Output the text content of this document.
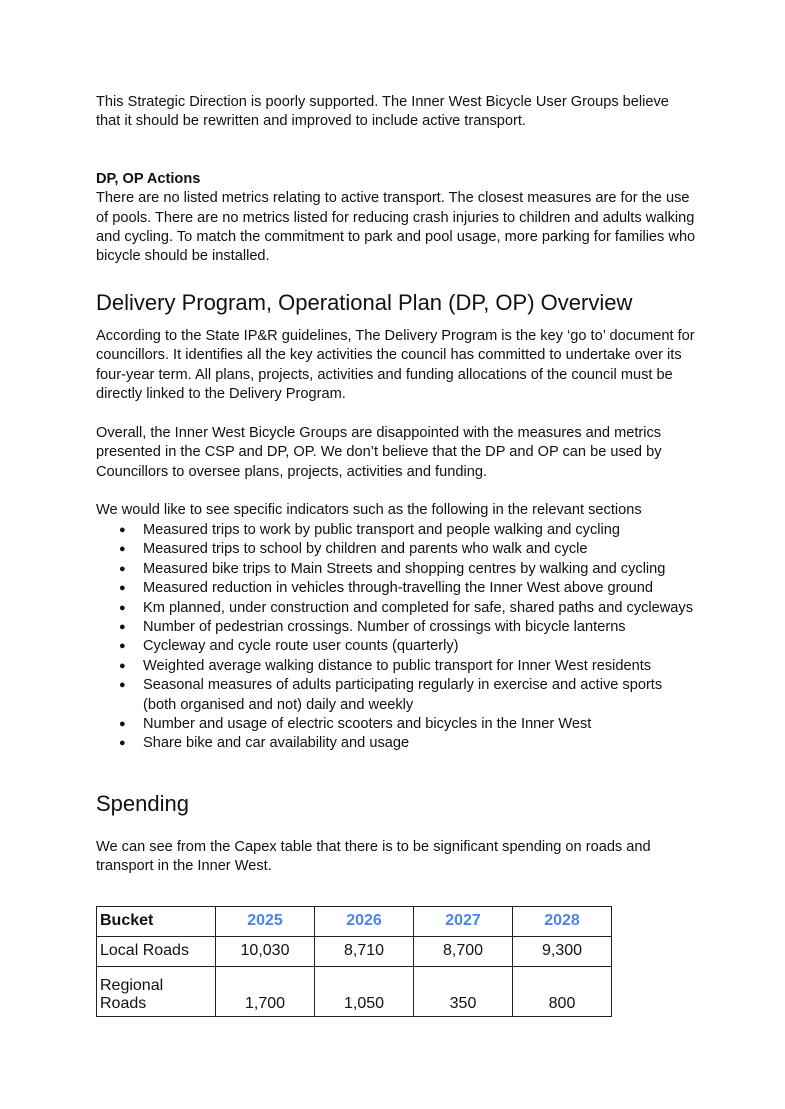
This Strategic Direction is poorly supported. The Inner West Bicycle User Groups believe that it should be rewritten and improved to include active transport.

DP, OP Actions

There are no listed metrics relating to active transport. The closest measures are for the use of pools. There are no metrics listed for reducing crash injuries to children and adults walking and cycling. To match the commitment to park and pool usage, more parking for families who bicycle should be installed.

Delivery Program, Operational Plan (DP, OP) Overview

According to the State IP&R guidelines, The Delivery Program is the key ‘go to’ document for councillors. It identifies all the key activities the council has committed to undertake over its four-year term. All plans, projects, activities and funding allocations of the council must be directly linked to the Delivery Program.

Overall, the Inner West Bicycle Groups are disappointed with the measures and metrics presented in the CSP and DP, OP. We don’t believe that the DP and OP can be used by Councillors to oversee plans, projects, activities and funding.

We would like to see specific indicators such as the following in the relevant sections

● Measured trips to work by public transport and people walking and cycling
● Measured trips to school by children and parents who walk and cycle
● Measured bike trips to Main Streets and shopping centres by walking and cycling
● Measured reduction in vehicles through-travelling the Inner West above ground
● Km planned, under construction and completed for safe, shared paths and cycleways
● Number of pedestrian crossings. Number of crossings with bicycle lanterns
● Cycleway and cycle route user counts (quarterly)
● Weighted average walking distance to public transport for Inner West residents
● Seasonal measures of adults participating regularly in exercise and active sports (both organised and not) daily and weekly
● Number and usage of electric scooters and bicycles in the Inner West
● Share bike and car availability and usage
Spending

We can see from the Capex table that there is to be significant spending on roads and transport in the Inner West.

Bucket	2025	2026	2027	2028
Local Roads	10,030	8,710	8,700	9,300
Regional Roads	1,700	1,050	350	800
